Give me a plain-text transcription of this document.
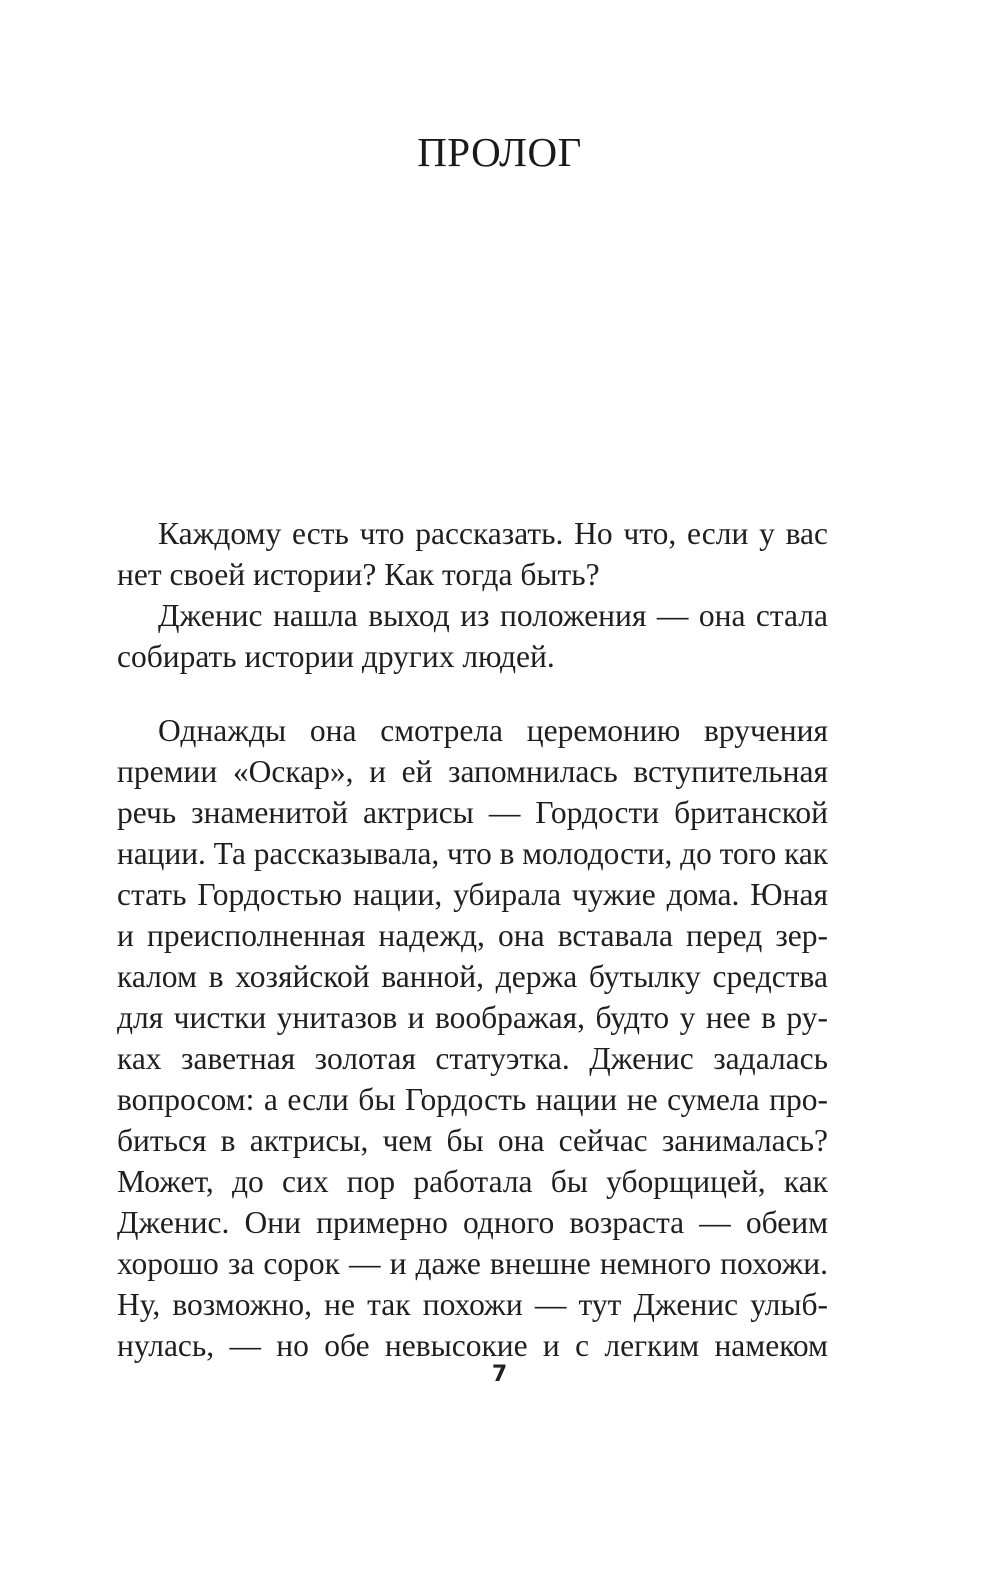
ПРОЛОГ
Каждому есть что рассказать. Но что, если у вас
нет своей истории? Как тогда быть?
Дженис нашла выход из положения — она стала
собирать истории других людей.
Однажды она смотрела церемонию вручения
премии «Оскар», и ей запомнилась вступительная
речь знаменитой актрисы — Гордости британской
нации. Та рассказывала, что в молодости, до того как
стать Гордостью нации, убирала чужие дома. Юная
и преисполненная надежд, она вставала перед зер-
калом в хозяйской ванной, держа бутылку средства
для чистки унитазов и воображая, будто у нее в ру-
ках заветная золотая статуэтка. Дженис задалась
вопросом: а если бы Гордость нации не сумела про-
биться в актрисы, чем бы она сейчас занималась?
Может, до сих пор работала бы уборщицей, как
Дженис. Они примерно одного возраста — обеим
хорошо за сорок — и даже внешне немного похожи.
Ну, возможно, не так похожи — тут Дженис улыб-
нулась, — но обе невысокие и с легким намеком
7
